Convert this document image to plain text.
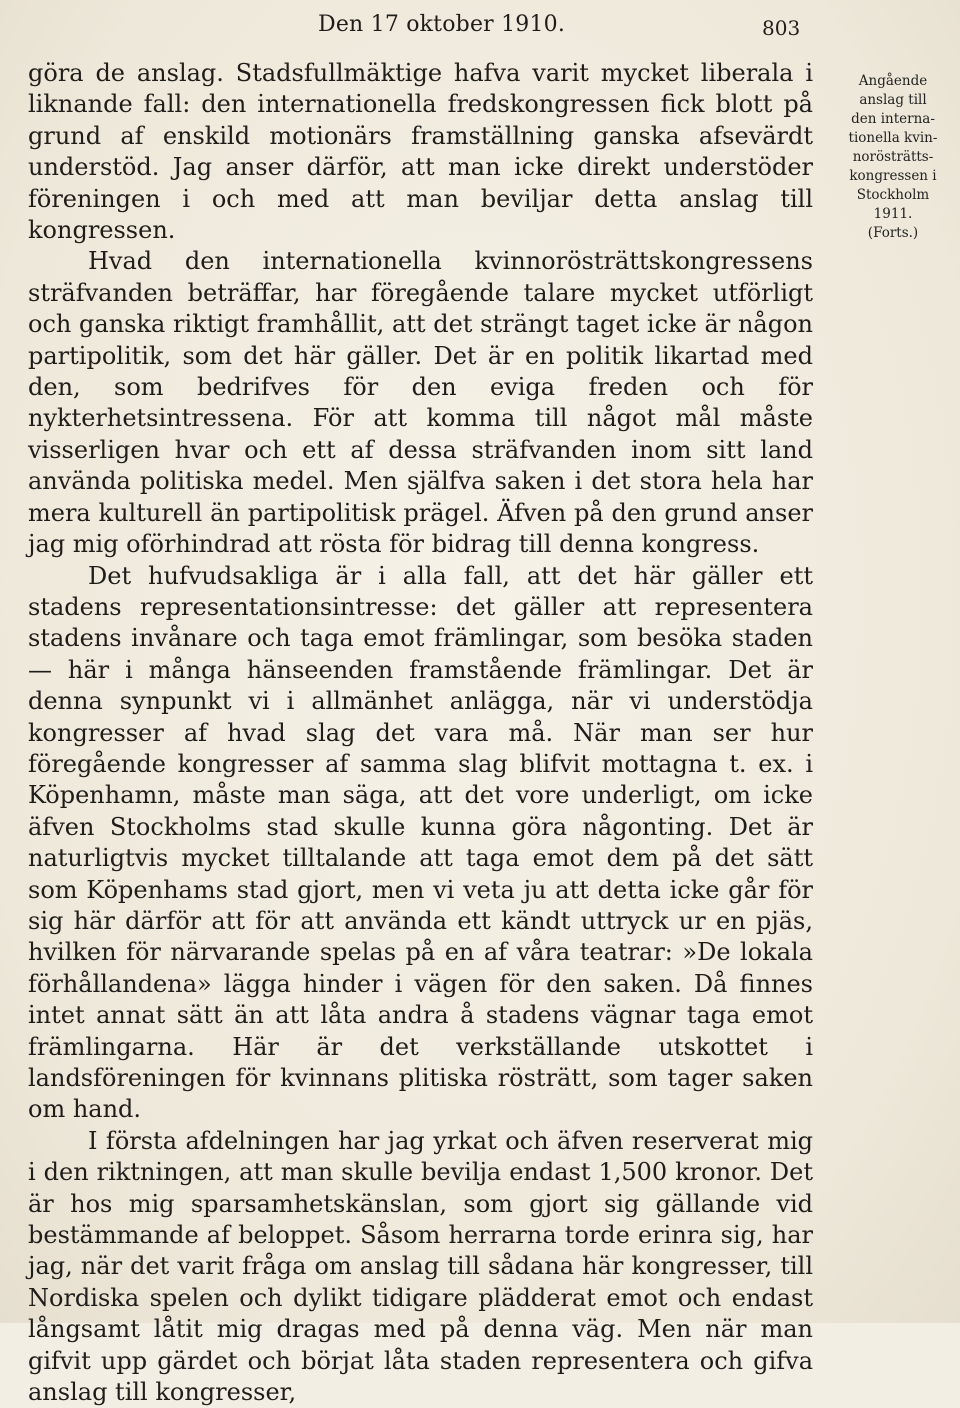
Den 17 oktober 1910.	803

göra de anslag. Stadsfullmäktige hafva varit mycket liberala i liknande fall: den internationella fredskongressen fick blott på grund af enskild motionärs framställning ganska afsevärdt understöd. Jag anser därför, att man icke direkt understöder föreningen i och med att man beviljar detta anslag till kongressen.

Hvad den internationella kvinnorösträttskongressens sträfvanden beträffar, har föregående talare mycket utförligt och ganska riktigt framhållit, att det strängt taget icke är någon partipolitik, som det här gäller. Det är en politik likartad med den, som bedrifves för den eviga freden och för nykterhetsintressena. För att komma till något mål måste visserligen hvar och ett af dessa sträfvanden inom sitt land använda politiska medel. Men själfva saken i det stora hela har mera kulturell än partipolitisk prägel. Äfven på den grund anser jag mig oförhindrad att rösta för bidrag till denna kongress.

Det hufvudsakliga är i alla fall, att det här gäller ett stadens representationsintresse: det gäller att representera stadens invånare och taga emot främlingar, som besöka staden — här i många hänseenden framstående främlingar. Det är denna synpunkt vi i allmänhet anlägga, när vi understödja kongresser af hvad slag det vara må. När man ser hur föregående kongresser af samma slag blifvit mottagna t. ex. i Köpenhamn, måste man säga, att det vore underligt, om icke äfven Stockholms stad skulle kunna göra någonting. Det är naturligtvis mycket tilltalande att taga emot dem på det sätt som Köpenhams stad gjort, men vi veta ju att detta icke går för sig här därför att för att använda ett kändt uttryck ur en pjäs, hvilken för närvarande spelas på en af våra teatrar: »De lokala förhållandena» lägga hinder i vägen för den saken. Då finnes intet annat sätt än att låta andra å stadens vägnar taga emot främlingarna. Här är det verkställande utskottet i landsföreningen för kvinnans plitiska rösträtt, som tager saken om hand.

I första afdelningen har jag yrkat och äfven reserverat mig i den riktningen, att man skulle bevilja endast 1,500 kronor. Det är hos mig sparsamhetskänslan, som gjort sig gällande vid bestämmande af beloppet. Såsom herrarna torde erinra sig, har jag, när det varit fråga om anslag till sådana här kongresser, till Nordiska spelen och dylikt tidigare plädderat emot och endast långsamt låtit mig dragas med på denna väg. Men när man gifvit upp gärdet och börjat låta staden representera och gifva anslag till kongresser,

Angående
anslag till
den interna-
tionella kvin-
norösträtts-
kongressen i
Stockholm
1911.
(Forts.)
